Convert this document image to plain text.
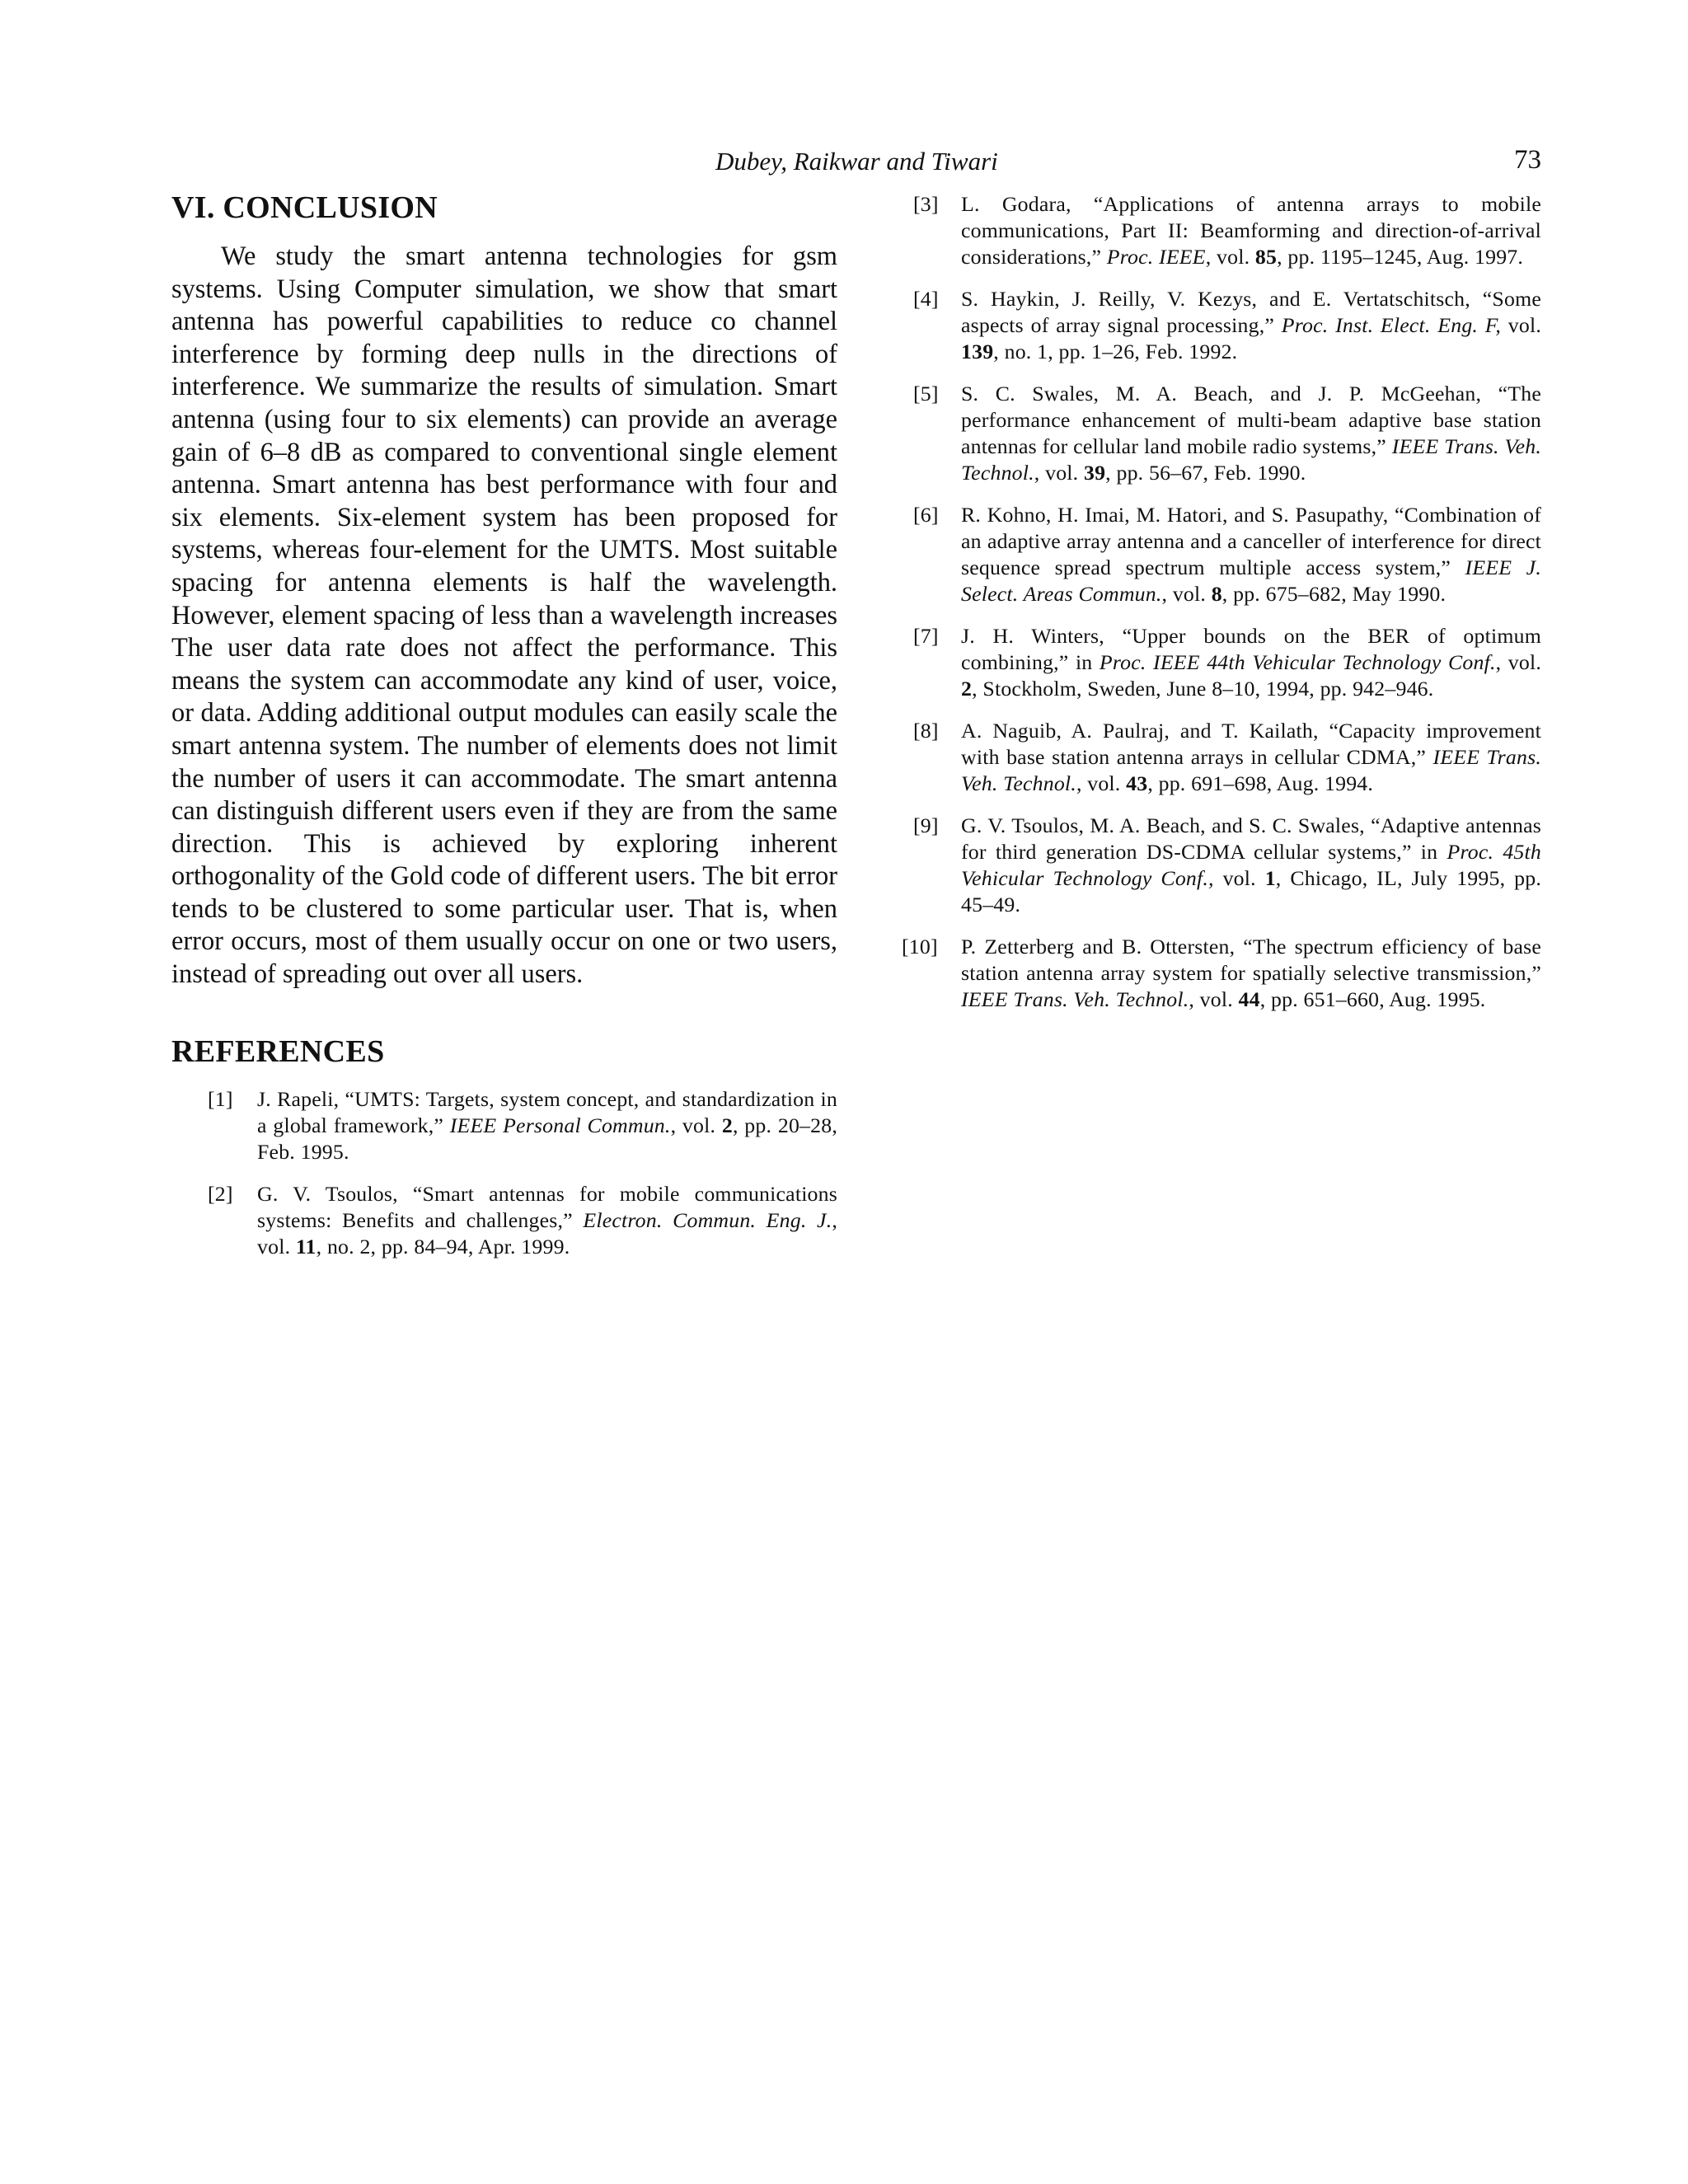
Dubey, Raikwar and Tiwari	73
VI. CONCLUSION

We study the smart antenna technologies for gsm systems. Using Computer simulation, we show that smart antenna has powerful capabilities to reduce co channel interference by forming deep nulls in the directions of interference. We summarize the results of simulation. Smart antenna (using four to six elements) can provide an average gain of 6–8 dB as compared to conventional single element antenna. Smart antenna has best performance with four and six elements. Six-element system has been proposed for systems, whereas four-element for the UMTS. Most suitable spacing for antenna elements is half the wavelength. However, element spacing of less than a wavelength increases The user data rate does not affect the performance. This means the system can accommodate any kind of user, voice, or data. Adding additional output modules can easily scale the smart antenna system. The number of elements does not limit the number of users it can accommodate. The smart antenna can distinguish different users even if they are from the same direction. This is achieved by exploring inherent orthogonality of the Gold code of different users. The bit error tends to be clustered to some particular user. That is, when error occurs, most of them usually occur on one or two users, instead of spreading out over all users.

REFERENCES
[1]	J. Rapeli, “UMTS: Targets, system concept, and standardization in a global framework,” IEEE Personal Commun., vol. 2, pp. 20–28, Feb. 1995.
[2]	G. V. Tsoulos, “Smart antennas for mobile communications systems: Benefits and challenges,” Electron. Commun. Eng. J., vol. 11, no. 2, pp. 84–94, Apr. 1999.
[3]	L. Godara, “Applications of antenna arrays to mobile communications, Part II: Beamforming and direction-of-arrival considerations,” Proc. IEEE, vol. 85, pp. 1195–1245, Aug. 1997.
[4]	S. Haykin, J. Reilly, V. Kezys, and E. Vertatschitsch, “Some aspects of array signal processing,” Proc. Inst. Elect. Eng. F, vol. 139, no. 1, pp. 1–26, Feb. 1992.
[5]	S. C. Swales, M. A. Beach, and J. P. McGeehan, “The performance enhancement of multi-beam adaptive base station antennas for cellular land mobile radio systems,” IEEE Trans. Veh. Technol., vol. 39, pp. 56–67, Feb. 1990.
[6]	R. Kohno, H. Imai, M. Hatori, and S. Pasupathy, “Combination of an adaptive array antenna and a canceller of interference for direct sequence spread spectrum multiple access system,” IEEE J. Select. Areas Commun., vol. 8, pp. 675–682, May 1990.
[7]	J. H. Winters, “Upper bounds on the BER of optimum combining,” in Proc. IEEE 44th Vehicular Technology Conf., vol. 2, Stockholm, Sweden, June 8–10, 1994, pp. 942–946.
[8]	A. Naguib, A. Paulraj, and T. Kailath, “Capacity improvement with base station antenna arrays in cellular CDMA,” IEEE Trans. Veh. Technol., vol. 43, pp. 691–698, Aug. 1994.
[9]	G. V. Tsoulos, M. A. Beach, and S. C. Swales, “Adaptive antennas for third generation DS-CDMA cellular systems,” in Proc. 45th Vehicular Technology Conf., vol. 1, Chicago, IL, July 1995, pp. 45–49.
[10] P. Zetterberg and B. Ottersten, “The spectrum efficiency of base station antenna array system for spatially selective transmission,” IEEE Trans. Veh. Technol., vol. 44, pp. 651–660, Aug. 1995.
